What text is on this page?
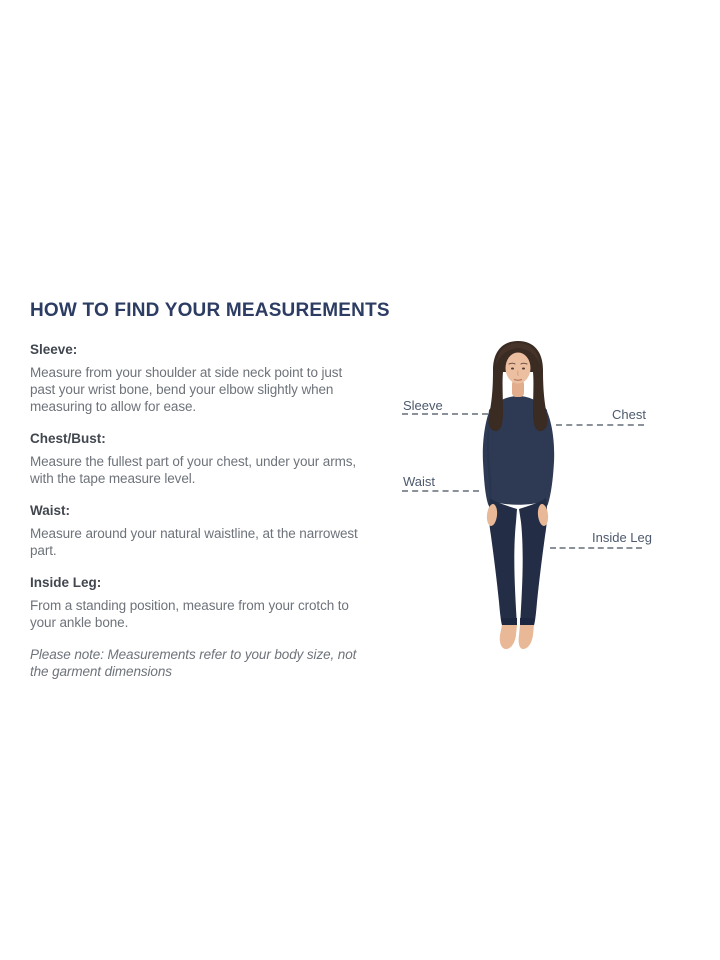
HOW TO FIND YOUR MEASUREMENTS

Sleeve:

Measure from your shoulder at side neck point to just past your wrist bone, bend your elbow slightly when measuring to allow for ease.

Chest/Bust:

Measure the fullest part of your chest, under your arms, with the tape measure level.

Waist:

Measure around your natural waistline, at the narrowest part.

Inside Leg:

From a standing position, measure from your crotch to your ankle bone.

Please note: Measurements refer to your body size, not the garment dimensions

Sleeve
Chest
Waist
Inside Leg
